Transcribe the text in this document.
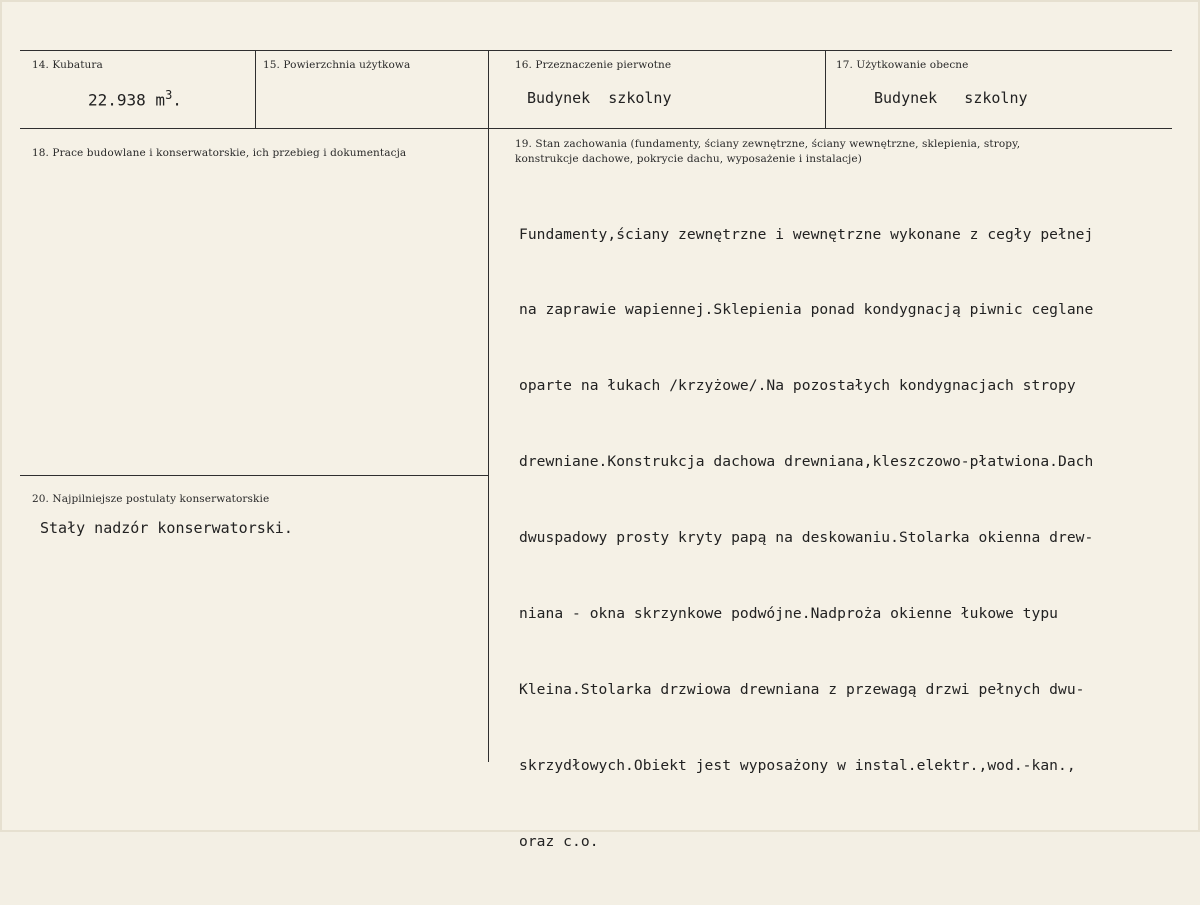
14. Kubatura
22.938 $m^3$.
15. Powierzchnia użytkowa	16. Przeznaczenie pierwotne
Budynek  szkolny
17. Użytkowanie obecne
Budynek   szkolny
18. Prace budowlane i konserwatorskie, ich przebieg i dokumentacja
19. Stan zachowania (fundamenty, ściany zewnętrzne, ściany wewnętrzne, sklepienia, stropy,
konstrukcje dachowe, pokrycie dachu, wyposażenie i instalacje)

Fundamenty,ściany zewnętrzne i wewnętrzne wykonane z cegły pełnej

na zaprawie wapiennej.Sklepienia ponad kondygnacją piwnic ceglane

oparte na łukach /krzyżowe/.Na pozostałych kondygnacjach stropy

drewniane.Konstrukcja dachowa drewniana,kleszczowo-płatwiona.Dach

dwuspadowy prosty kryty papą na deskowaniu.Stolarka okienna drew-

niana - okna skrzynkowe podwójne.Nadproża okienne łukowe typu

Kleina.Stolarka drzwiowa drewniana z przewagą drzwi pełnych dwu-

skrzydłowych.Obiekt jest wyposażony w instal.elektr.,wod.-kan.,

oraz c.o.

20. Najpilniejsze postulaty konserwatorskie
Stały nadzór konserwatorski.
